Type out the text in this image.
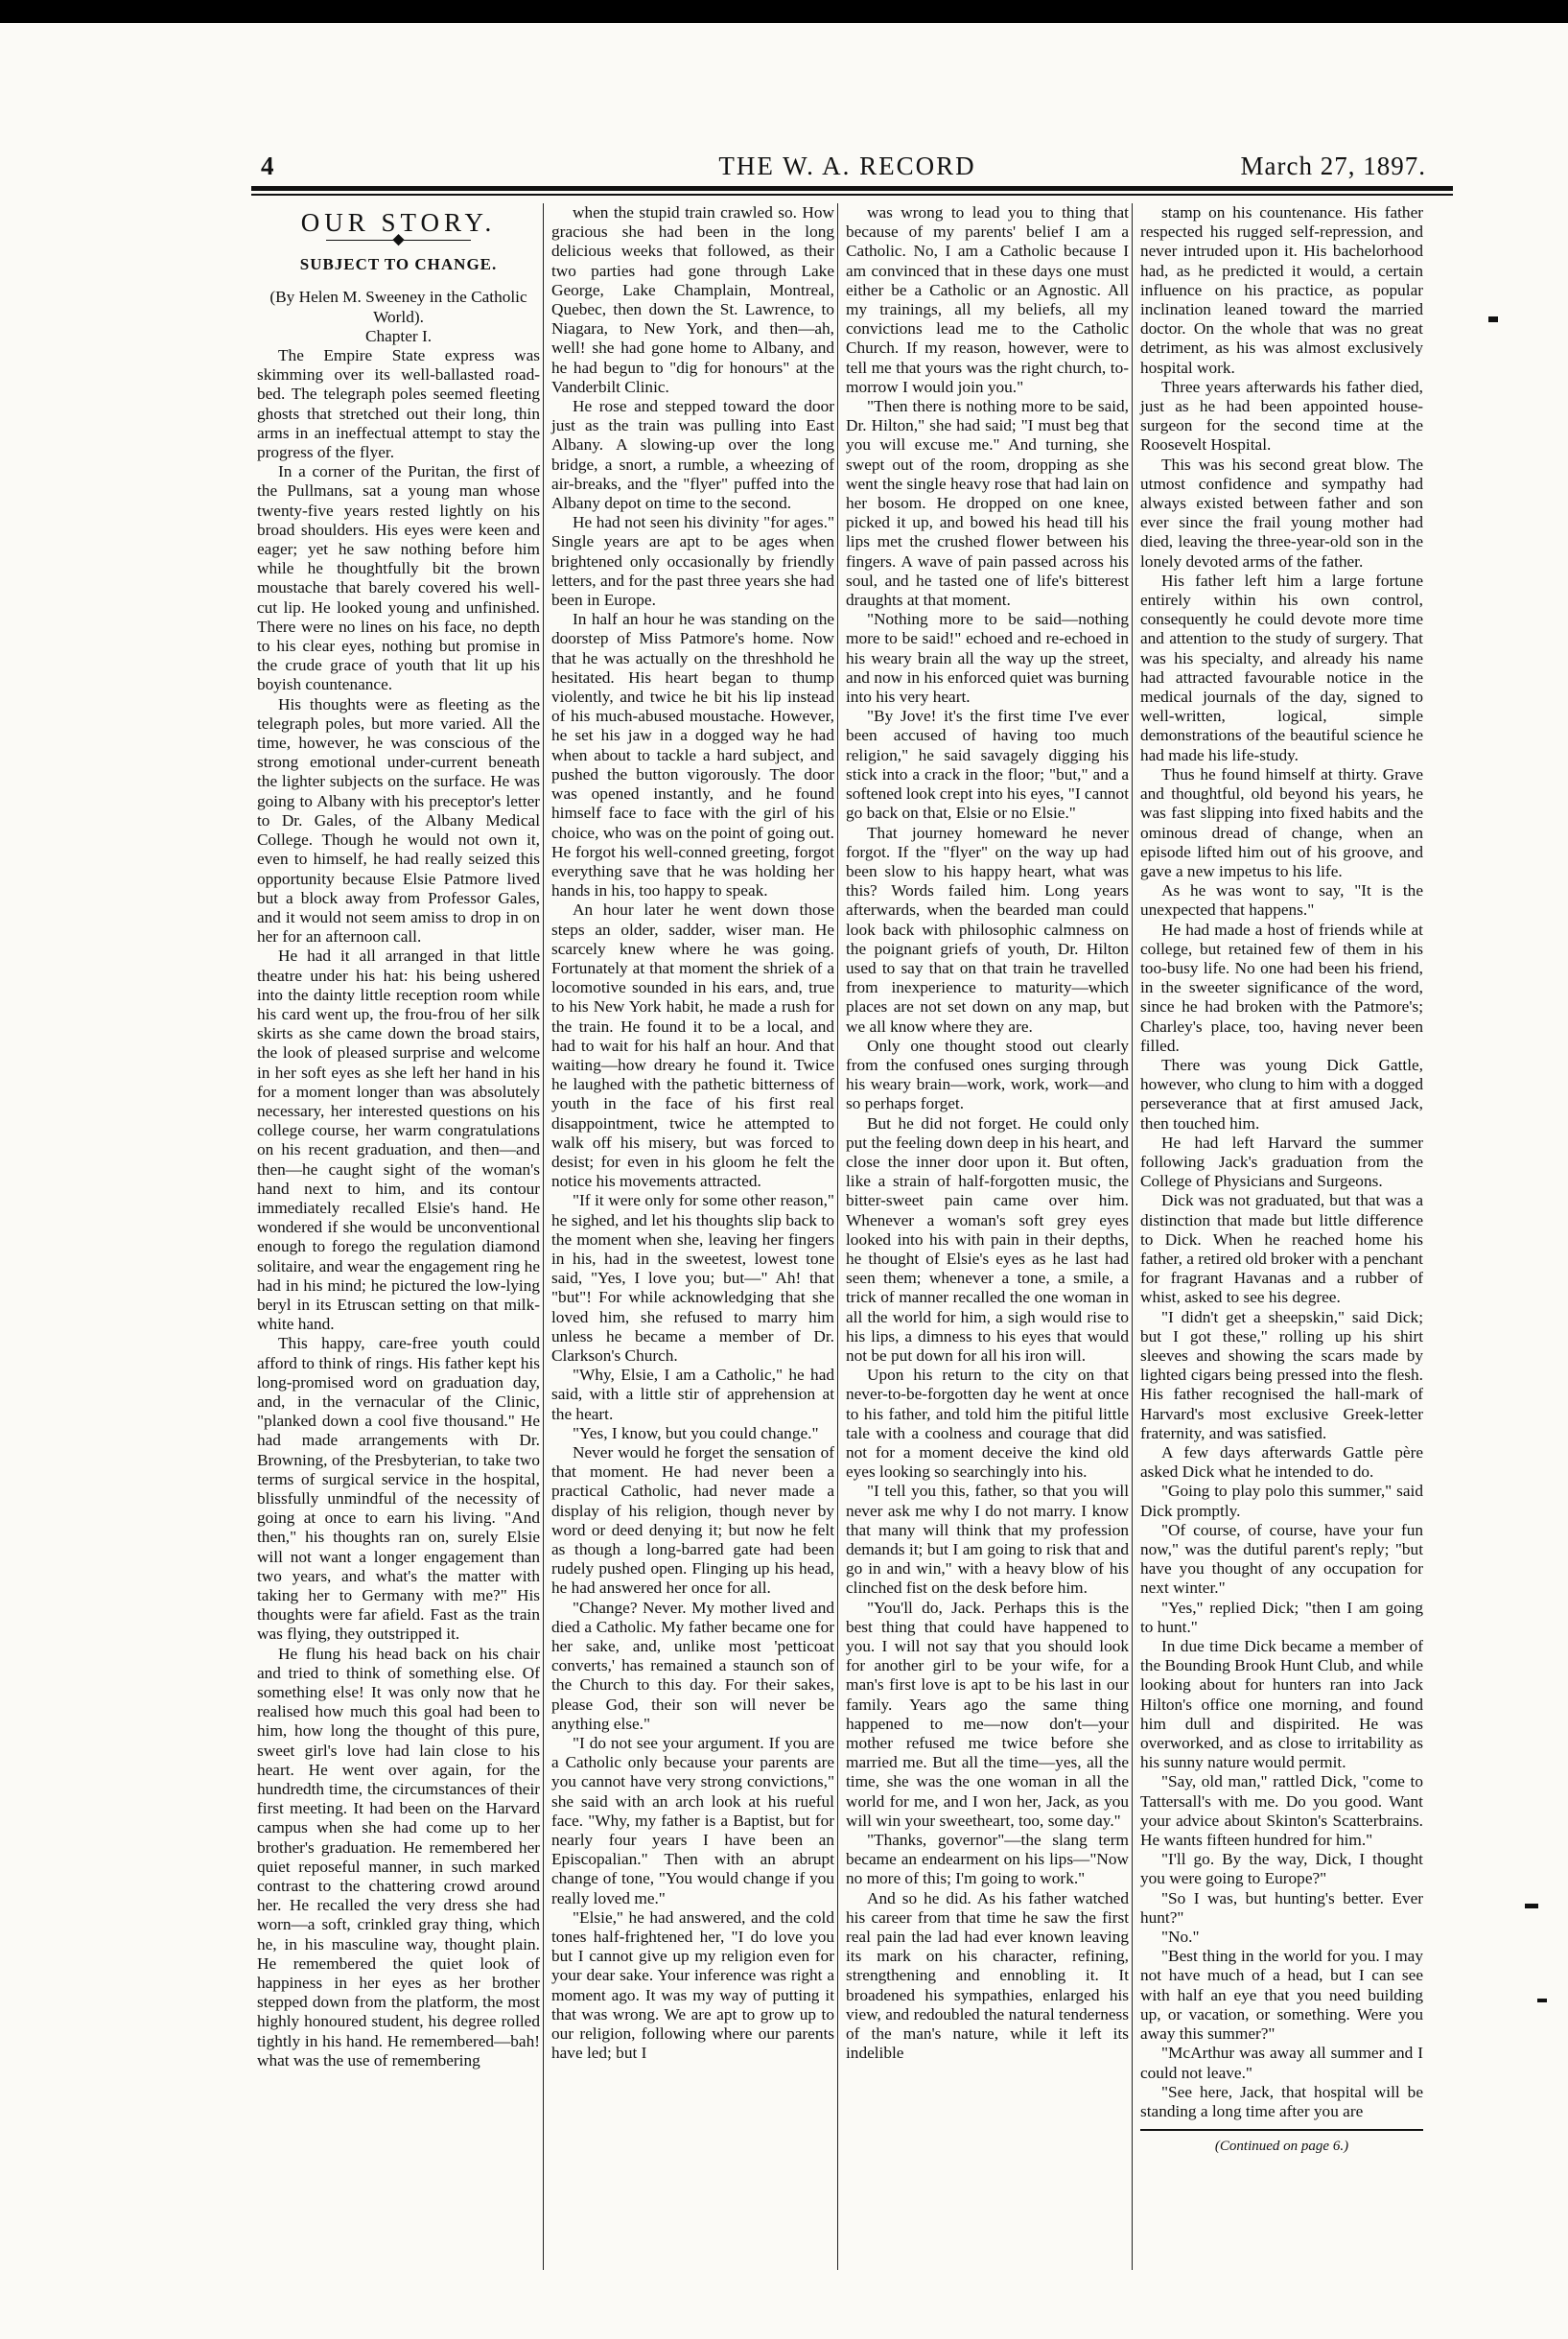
4	THE W. A. RECORD	March 27, 1897.
OUR STORY.
◆
SUBJECT TO CHANGE.

(By Helen M. Sweeney in the Catholic World).

Chapter I.

The Empire State express was skimming over its well-ballasted road-bed. The telegraph poles seemed fleeting ghosts that stretched out their long, thin arms in an ineffectual attempt to stay the progress of the flyer.

In a corner of the Puritan, the first of the Pullmans, sat a young man whose twenty-five years rested lightly on his broad shoulders. His eyes were keen and eager; yet he saw nothing before him while he thoughtfully bit the brown moustache that barely covered his well-cut lip. He looked young and unfinished. There were no lines on his face, no depth to his clear eyes, nothing but promise in the crude grace of youth that lit up his boyish countenance.

His thoughts were as fleeting as the telegraph poles, but more varied. All the time, however, he was conscious of the strong emotional under-current beneath the lighter subjects on the surface. He was going to Albany with his preceptor's letter to Dr. Gales, of the Albany Medical College. Though he would not own it, even to himself, he had really seized this opportunity because Elsie Patmore lived but a block away from Professor Gales, and it would not seem amiss to drop in on her for an afternoon call.

He had it all arranged in that little theatre under his hat: his being ushered into the dainty little reception room while his card went up, the frou-frou of her silk skirts as she came down the broad stairs, the look of pleased surprise and welcome in her soft eyes as she left her hand in his for a moment longer than was absolutely necessary, her interested questions on his college course, her warm congratulations on his recent graduation, and then—and then—he caught sight of the woman's hand next to him, and its contour immediately recalled Elsie's hand. He wondered if she would be unconventional enough to forego the regulation diamond solitaire, and wear the engagement ring he had in his mind; he pictured the low-lying beryl in its Etruscan setting on that milk-white hand.

This happy, care-free youth could afford to think of rings. His father kept his long-promised word on graduation day, and, in the vernacular of the Clinic, "planked down a cool five thousand." He had made arrangements with Dr. Browning, of the Presbyterian, to take two terms of surgical service in the hospital, blissfully unmindful of the necessity of going at once to earn his living. "And then," his thoughts ran on, surely Elsie will not want a longer engagement than two years, and what's the matter with taking her to Germany with me?" His thoughts were far afield. Fast as the train was flying, they outstripped it.

He flung his head back on his chair and tried to think of something else. Of something else! It was only now that he realised how much this goal had been to him, how long the thought of this pure, sweet girl's love had lain close to his heart. He went over again, for the hundredth time, the circumstances of their first meeting. It had been on the Harvard campus when she had come up to her brother's graduation. He remembered her quiet reposeful manner, in such marked contrast to the chattering crowd around her. He recalled the very dress she had worn—a soft, crinkled gray thing, which he, in his masculine way, thought plain. He remembered the quiet look of happiness in her eyes as her brother stepped down from the platform, the most highly honoured student, his degree rolled tightly in his hand. He remembered—bah! what was the use of remembering

when the stupid train crawled so. How gracious she had been in the long delicious weeks that followed, as their two parties had gone through Lake George, Lake Champlain, Montreal, Quebec, then down the St. Lawrence, to Niagara, to New York, and then—ah, well! she had gone home to Albany, and he had begun to "dig for honours" at the Vanderbilt Clinic.

He rose and stepped toward the door just as the train was pulling into East Albany. A slowing-up over the long bridge, a snort, a rumble, a wheezing of air-breaks, and the "flyer" puffed into the Albany depot on time to the second.

He had not seen his divinity "for ages." Single years are apt to be ages when brightened only occasionally by friendly letters, and for the past three years she had been in Europe.

In half an hour he was standing on the doorstep of Miss Patmore's home. Now that he was actually on the threshhold he hesitated. His heart began to thump violently, and twice he bit his lip instead of his much-abused moustache. However, he set his jaw in a dogged way he had when about to tackle a hard subject, and pushed the button vigorously. The door was opened instantly, and he found himself face to face with the girl of his choice, who was on the point of going out. He forgot his well-conned greeting, forgot everything save that he was holding her hands in his, too happy to speak.

An hour later he went down those steps an older, sadder, wiser man. He scarcely knew where he was going. Fortunately at that moment the shriek of a locomotive sounded in his ears, and, true to his New York habit, he made a rush for the train. He found it to be a local, and had to wait for his half an hour. And that waiting—how dreary he found it. Twice he laughed with the pathetic bitterness of youth in the face of his first real disappointment, twice he attempted to walk off his misery, but was forced to desist; for even in his gloom he felt the notice his movements attracted.

"If it were only for some other reason," he sighed, and let his thoughts slip back to the moment when she, leaving her fingers in his, had in the sweetest, lowest tone said, "Yes, I love you; but—" Ah! that "but"! For while acknowledging that she loved him, she refused to marry him unless he became a member of Dr. Clarkson's Church.

"Why, Elsie, I am a Catholic," he had said, with a little stir of apprehension at the heart.

"Yes, I know, but you could change."

Never would he forget the sensation of that moment. He had never been a practical Catholic, had never made a display of his religion, though never by word or deed denying it; but now he felt as though a long-barred gate had been rudely pushed open. Flinging up his head, he had answered her once for all.

"Change? Never. My mother lived and died a Catholic. My father became one for her sake, and, unlike most 'petticoat converts,' has remained a staunch son of the Church to this day. For their sakes, please God, their son will never be anything else."

"I do not see your argument. If you are a Catholic only because your parents are you cannot have very strong convictions," she said with an arch look at his rueful face. "Why, my father is a Baptist, but for nearly four years I have been an Episcopalian." Then with an abrupt change of tone, "You would change if you really loved me."

"Elsie," he had answered, and the cold tones half-frightened her, "I do love you but I cannot give up my religion even for your dear sake. Your inference was right a moment ago. It was my way of putting it that was wrong. We are apt to grow up to our religion, following where our parents have led; but I

was wrong to lead you to thing that because of my parents' belief I am a Catholic. No, I am a Catholic because I am convinced that in these days one must either be a Catholic or an Agnostic. All my trainings, all my beliefs, all my convictions lead me to the Catholic Church. If my reason, however, were to tell me that yours was the right church, to-morrow I would join you."

"Then there is nothing more to be said, Dr. Hilton," she had said; "I must beg that you will excuse me." And turning, she swept out of the room, dropping as she went the single heavy rose that had lain on her bosom. He dropped on one knee, picked it up, and bowed his head till his lips met the crushed flower between his fingers. A wave of pain passed across his soul, and he tasted one of life's bitterest draughts at that moment.

"Nothing more to be said—nothing more to be said!" echoed and re-echoed in his weary brain all the way up the street, and now in his enforced quiet was burning into his very heart.

"By Jove! it's the first time I've ever been accused of having too much religion," he said savagely digging his stick into a crack in the floor; "but," and a softened look crept into his eyes, "I cannot go back on that, Elsie or no Elsie."

That journey homeward he never forgot. If the "flyer" on the way up had been slow to his happy heart, what was this? Words failed him. Long years afterwards, when the bearded man could look back with philosophic calmness on the poignant griefs of youth, Dr. Hilton used to say that on that train he travelled from inexperience to maturity—which places are not set down on any map, but we all know where they are.

Only one thought stood out clearly from the confused ones surging through his weary brain—work, work, work—and so perhaps forget.

But he did not forget. He could only put the feeling down deep in his heart, and close the inner door upon it. But often, like a strain of half-forgotten music, the bitter-sweet pain came over him. Whenever a woman's soft grey eyes looked into his with pain in their depths, he thought of Elsie's eyes as he last had seen them; whenever a tone, a smile, a trick of manner recalled the one woman in all the world for him, a sigh would rise to his lips, a dimness to his eyes that would not be put down for all his iron will.

Upon his return to the city on that never-to-be-forgotten day he went at once to his father, and told him the pitiful little tale with a coolness and courage that did not for a moment deceive the kind old eyes looking so searchingly into his.

"I tell you this, father, so that you will never ask me why I do not marry. I know that many will think that my profession demands it; but I am going to risk that and go in and win," with a heavy blow of his clinched fist on the desk before him.

"You'll do, Jack. Perhaps this is the best thing that could have happened to you. I will not say that you should look for another girl to be your wife, for a man's first love is apt to be his last in our family. Years ago the same thing happened to me—now don't—your mother refused me twice before she married me. But all the time—yes, all the time, she was the one woman in all the world for me, and I won her, Jack, as you will win your sweetheart, too, some day."

"Thanks, governor"—the slang term became an endearment on his lips—"Now no more of this; I'm going to work."

And so he did. As his father watched his career from that time he saw the first real pain the lad had ever known leaving its mark on his character, refining, strengthening and ennobling it. It broadened his sympathies, enlarged his view, and redoubled the natural tenderness of the man's nature, while it left its indelible

stamp on his countenance. His father respected his rugged self-repression, and never intruded upon it. His bachelorhood had, as he predicted it would, a certain influence on his practice, as popular inclination leaned toward the married doctor. On the whole that was no great detriment, as his was almost exclusively hospital work.

Three years afterwards his father died, just as he had been appointed house-surgeon for the second time at the Roosevelt Hospital.

This was his second great blow. The utmost confidence and sympathy had always existed between father and son ever since the frail young mother had died, leaving the three-year-old son in the lonely devoted arms of the father.

His father left him a large fortune entirely within his own control, consequently he could devote more time and attention to the study of surgery. That was his specialty, and already his name had attracted favourable notice in the medical journals of the day, signed to well-written, logical, simple demonstrations of the beautiful science he had made his life-study.

Thus he found himself at thirty. Grave and thoughtful, old beyond his years, he was fast slipping into fixed habits and the ominous dread of change, when an episode lifted him out of his groove, and gave a new impetus to his life.

As he was wont to say, "It is the unexpected that happens."

He had made a host of friends while at college, but retained few of them in his too-busy life. No one had been his friend, in the sweeter significance of the word, since he had broken with the Patmore's; Charley's place, too, having never been filled.

There was young Dick Gattle, however, who clung to him with a dogged perseverance that at first amused Jack, then touched him.

He had left Harvard the summer following Jack's graduation from the College of Physicians and Surgeons.

Dick was not graduated, but that was a distinction that made but little difference to Dick. When he reached home his father, a retired old broker with a penchant for fragrant Havanas and a rubber of whist, asked to see his degree.

"I didn't get a sheepskin," said Dick; but I got these," rolling up his shirt sleeves and showing the scars made by lighted cigars being pressed into the flesh. His father recognised the hall-mark of Harvard's most exclusive Greek-letter fraternity, and was satisfied.

A few days afterwards Gattle père asked Dick what he intended to do.

"Going to play polo this summer," said Dick promptly.

"Of course, of course, have your fun now," was the dutiful parent's reply; "but have you thought of any occupation for next winter."

"Yes," replied Dick; "then I am going to hunt."

In due time Dick became a member of the Bounding Brook Hunt Club, and while looking about for hunters ran into Jack Hilton's office one morning, and found him dull and dispirited. He was overworked, and as close to irritability as his sunny nature would permit.

"Say, old man," rattled Dick, "come to Tattersall's with me. Do you good. Want your advice about Skinton's Scatterbrains. He wants fifteen hundred for him."

"I'll go. By the way, Dick, I thought you were going to Europe?"

"So I was, but hunting's better. Ever hunt?"

"No."

"Best thing in the world for you. I may not have much of a head, but I can see with half an eye that you need building up, or vacation, or something. Were you away this summer?"

"McArthur was away all summer and I could not leave."

"See here, Jack, that hospital will be standing a long time after you are

(Continued on page 6.)
